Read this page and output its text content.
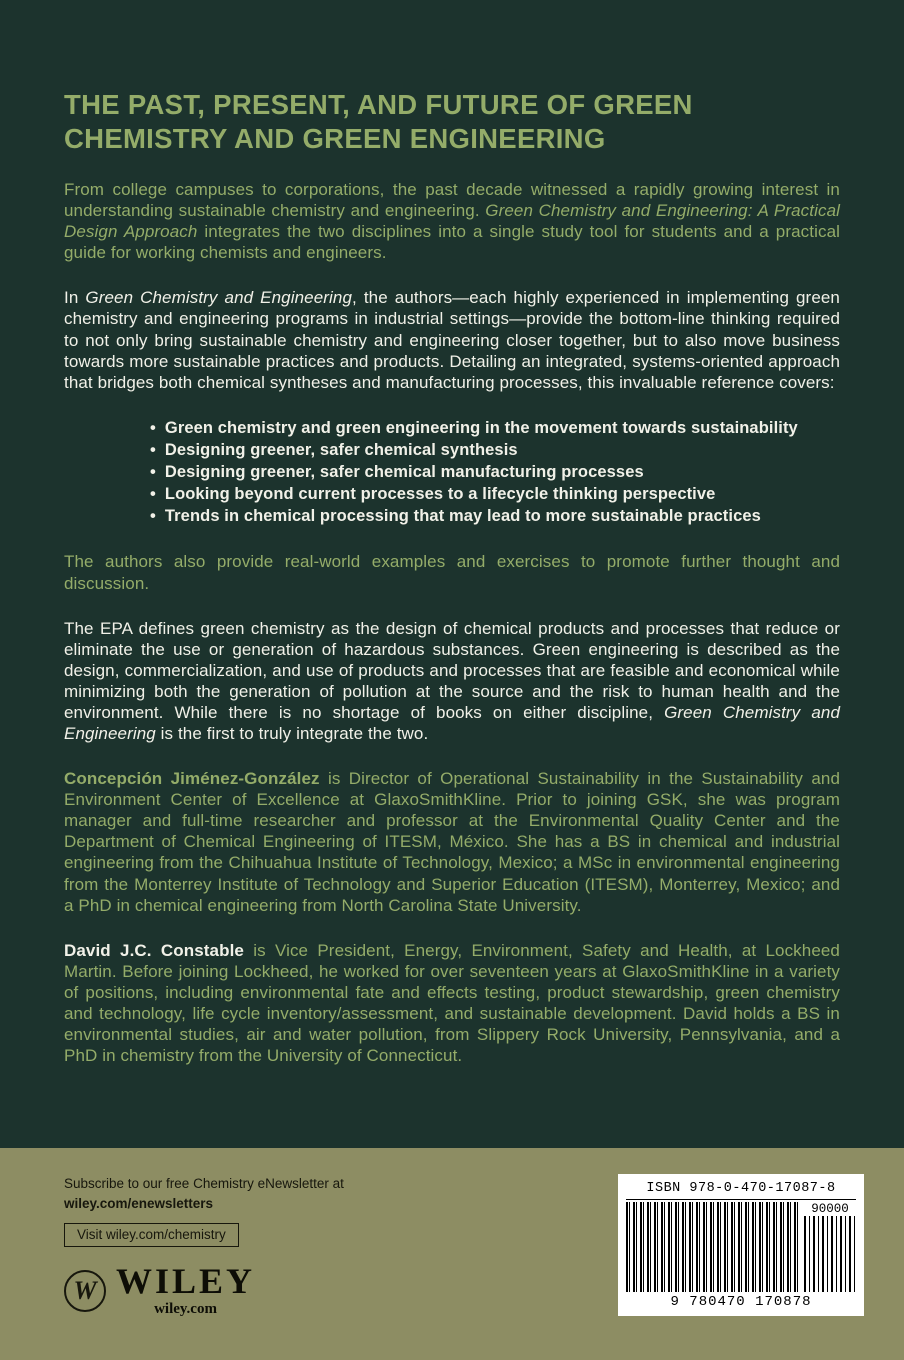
THE PAST, PRESENT, AND FUTURE OF GREEN CHEMISTRY AND GREEN ENGINEERING

From college campuses to corporations, the past decade witnessed a rapidly growing interest in understanding sustainable chemistry and engineering. Green Chemistry and Engineering: A Practical Design Approach integrates the two disciplines into a single study tool for students and a practical guide for working chemists and engineers.

In Green Chemistry and Engineering, the authors—each highly experienced in implementing green chemistry and engineering programs in industrial settings—provide the bottom-line thinking required to not only bring sustainable chemistry and engineering closer together, but to also move business towards more sustainable practices and products. Detailing an integrated, systems-oriented approach that bridges both chemical syntheses and manufacturing processes, this invaluable reference covers:

• Green chemistry and green engineering in the movement towards sustainability
• Designing greener, safer chemical synthesis
• Designing greener, safer chemical manufacturing processes
• Looking beyond current processes to a lifecycle thinking perspective
• Trends in chemical processing that may lead to more sustainable practices

The authors also provide real-world examples and exercises to promote further thought and discussion.

The EPA defines green chemistry as the design of chemical products and processes that reduce or eliminate the use or generation of hazardous substances. Green engineering is described as the design, commercialization, and use of products and processes that are feasible and economical while minimizing both the generation of pollution at the source and the risk to human health and the environment. While there is no shortage of books on either discipline, Green Chemistry and Engineering is the first to truly integrate the two.

Concepción Jiménez-González is Director of Operational Sustainability in the Sustainability and Environment Center of Excellence at GlaxoSmithKline. Prior to joining GSK, she was program manager and full-time researcher and professor at the Environmental Quality Center and the Department of Chemical Engineering of ITESM, México. She has a BS in chemical and industrial engineering from the Chihuahua Institute of Technology, Mexico; a MSc in environmental engineering from the Monterrey Institute of Technology and Superior Education (ITESM), Monterrey, Mexico; and a PhD in chemical engineering from North Carolina State University.

David J.C. Constable is Vice President, Energy, Environment, Safety and Health, at Lockheed Martin. Before joining Lockheed, he worked for over seventeen years at GlaxoSmithKline in a variety of positions, including environmental fate and effects testing, product stewardship, green chemistry and technology, life cycle inventory/assessment, and sustainable development. David holds a BS in environmental studies, air and water pollution, from Slippery Rock University, Pennsylvania, and a PhD in chemistry from the University of Connecticut.

Subscribe to our free Chemistry eNewsletter at
wiley.com/enewsletters
Visit wiley.com/chemistry
W WILEY
wiley.com
ISBN 978-0-470-17087-8
90000
9 780470 170878
